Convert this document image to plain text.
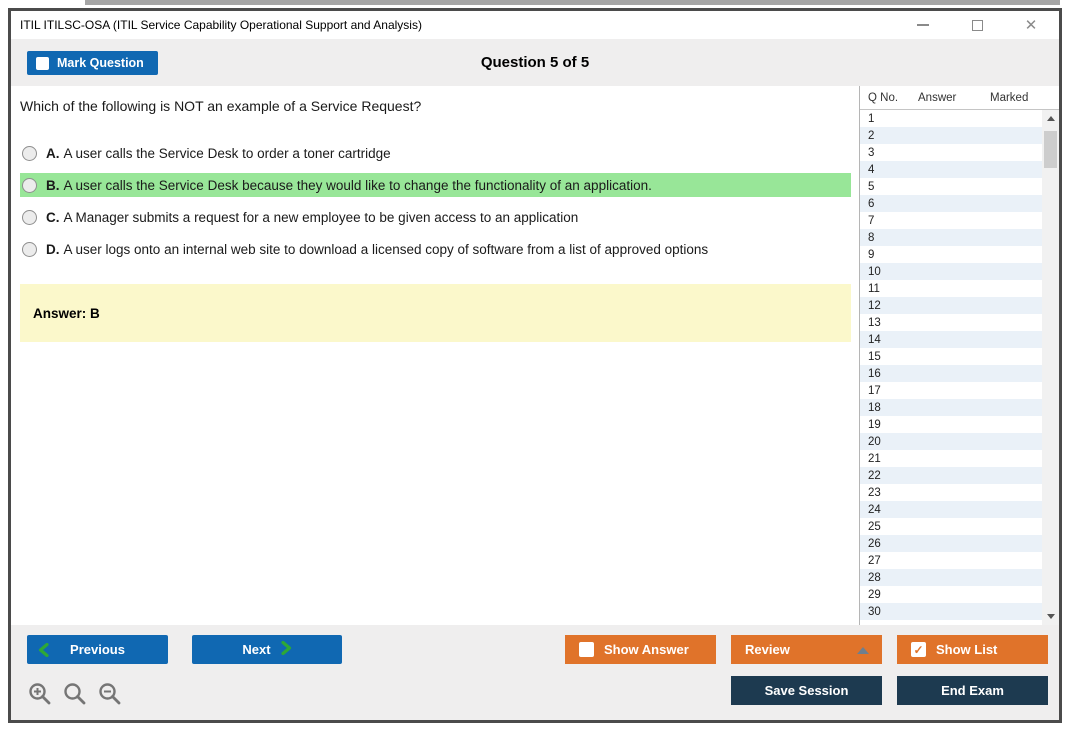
ITIL ITILSC-OSA (ITIL Service Capability Operational Support and Analysis)	✕
Mark Question	Question 5 of 5
Which of the following is NOT an example of a Service Request?
A. A user calls the Service Desk to order a toner cartridge
B. A user calls the Service Desk because they would like to change the functionality of an application.
C. A Manager submits a request for a new employee to be given access to an application
D. A user logs onto an internal web site to download a licensed copy of software from a list of approved options
Answer: B
Q No.	Answer	Marked
1
2
3
4
5
6
7
8
9
10
11
12
13
14
15
16
17
18
19
20
21
22
23
24
25
26
27
28
29
30
Previous	Next	Show Answer	Review	✓ Show List
Save Session	End Exam
